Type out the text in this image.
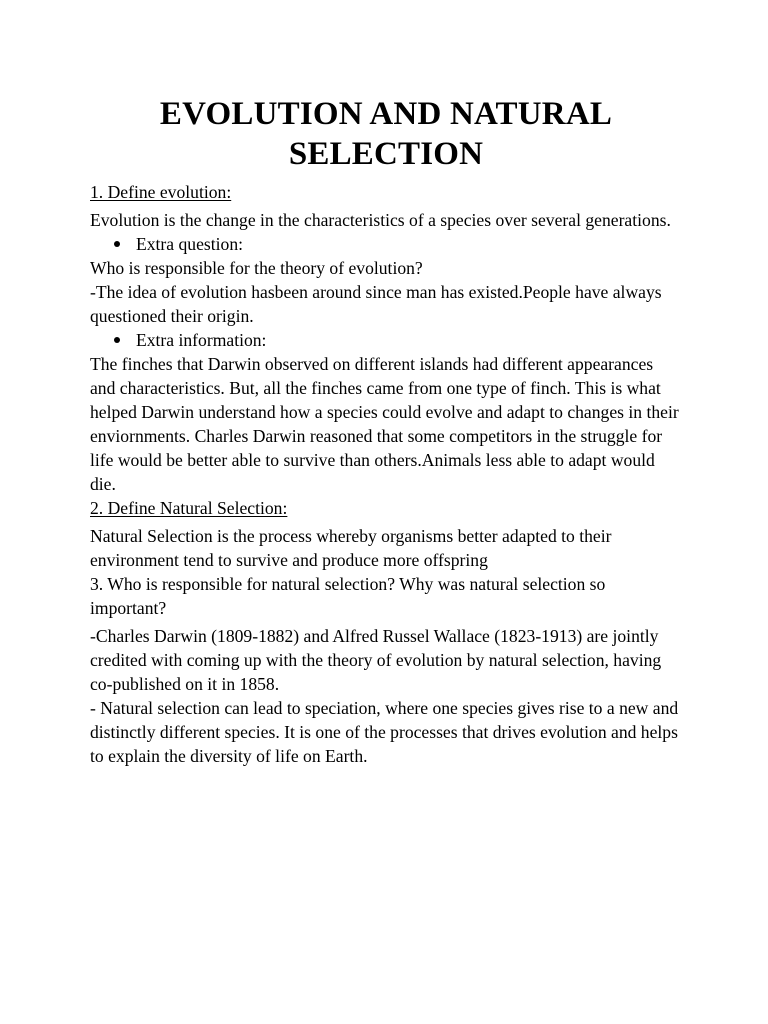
EVOLUTION AND NATURAL
SELECTION

1. Define evolution:

Evolution is the change in the characteristics of a species over several generations.

Extra question:

Who is responsible for the theory of evolution?

-The idea of evolution hasbeen around since man has existed.People have always questioned their origin.

Extra information:

The finches that Darwin observed on different islands had different appearances and characteristics. But, all the finches came from one type of finch. This is what helped Darwin understand how a species could evolve and adapt to changes in their enviornments. Charles Darwin reasoned that some competitors in the struggle for life would be better able to survive than others.Animals less able to adapt would die.

2. Define Natural Selection:

Natural Selection is the process whereby organisms better adapted to their environment tend to survive and produce more offspring

3. Who is responsible for natural selection? Why was natural selection so important?

-Charles Darwin (1809-1882) and Alfred Russel Wallace (1823-1913) are jointly credited with coming up with the theory of evolution by natural selection, having co-published on it in 1858.

- Natural selection can lead to speciation, where one species gives rise to a new and distinctly different species. It is one of the processes that drives evolution and helps to explain the diversity of life on Earth.
